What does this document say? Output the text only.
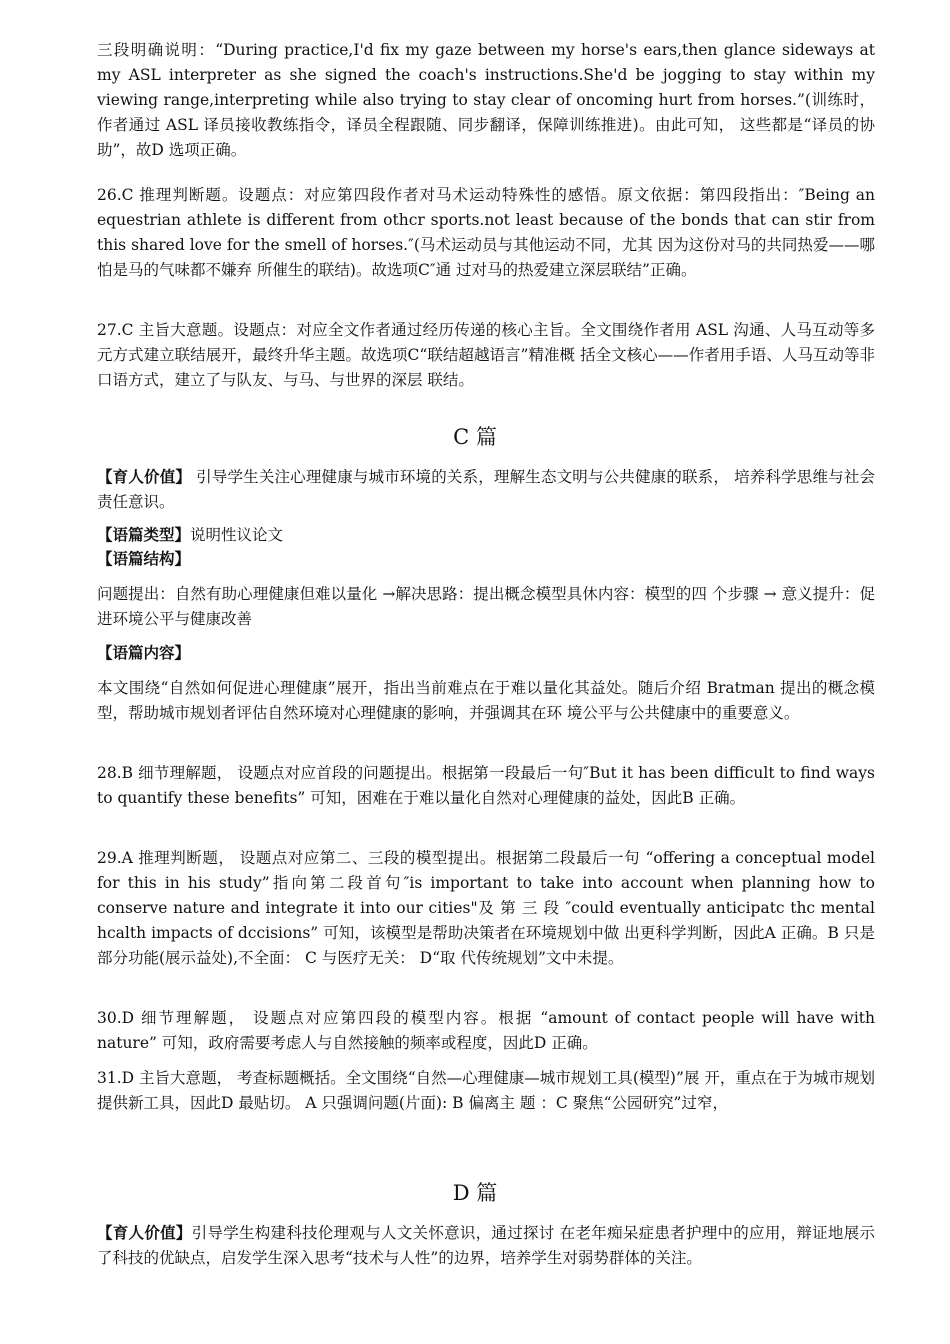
三段明确说明：“During practice,I'd fix my gaze between my horse's ears,then glance sideways at my ASL interpreter as she signed the coach's instructions.She'd be jogging to stay within my viewing range,interpreting while also trying to stay clear of oncoming hurt from horses.”(训练时， 作者通过 ASL 译员接收教练指令，译员全程跟随、同步翻译，保障训练推进)。由此可知， 这些都是“译员的协助”，故D 选项正确。

26.C 推理判断题。设题点：对应第四段作者对马术运动特殊性的感悟。原文依据：第四段指出：″Being an equestrian athlete is different from othcr sports.not least because of the bonds that can stir from this shared love for the smell of horses.″(马术运动员与其他运动不同，尤其 因为这份对马的共同热爱——哪怕是马的气味都不嫌弃 所催生的联结)。故选项C″通 过对马的热爱建立深层联结”正确。

27.C 主旨大意题。设题点：对应全文作者通过经历传递的核心主旨。全文围绕作者用 ASL 沟通、人马互动等多元方式建立联结展开，最终升华主题。故选项C“联结超越语言”精准概 括全文核心——作者用手语、人马互动等非口语方式，建立了与队友、与马、与世界的深层 联结。

C 篇

【育人价值】 引导学生关注心理健康与城市环境的关系，理解生态文明与公共健康的联系， 培养科学思维与社会责任意识。

【语篇类型】说明性议论文

【语篇结构】

问题提出：自然有助心理健康但难以量化 →解决思路：提出概念模型具休内容：模型的四 个步骤 → 意义提升：促进环境公平与健康改善

【语篇内容】

本文围绕“自然如何促进心理健康”展开，指出当前难点在于难以量化其益处。随后介绍 Bratman 提出的概念模型，帮助城市规划者评估自然环境对心理健康的影响，并强调其在环 境公平与公共健康中的重要意义。

28.B 细节理解题， 设题点对应首段的问题提出。根据第一段最后一句″But it has been difficult to find ways to quantify these benefits” 可知，困难在于难以量化自然对心理健康的益处，因此B 正确。

29.A 推理判断题， 设题点对应第二、三段的模型提出。根据第二段最后一句 “offering a conceptual model for this in his study”指向第二段首句″is important to take into account when planning how to conserve nature and integrate it into our cities"及 第 三 段 ″could eventually anticipatc thc mental hcalth impacts of dccisions” 可知，该模型是帮助决策者在环境规划中做 出更科学判断，因此A 正确。B 只是部分功能(展示益处),不全面： C 与医疗无关： D“取 代传统规划”文中未提。

30.D 细节理解题， 设题点对应第四段的模型内容。根据 “amount of contact people will have with nature” 可知，政府需要考虑人与自然接触的频率或程度，因此D 正确。

31.D 主旨大意题， 考查标题概括。全文围绕“自然—心理健康—城市规划工具(模型)”展 开，重点在于为城市规划提供新工具，因此D 最贴切。 A 只强调问题(片面): B 偏离主 题 ：C 聚焦“公园研究”过窄，

D 篇

【育人价值】引导学生构建科技伦理观与人文关怀意识，通过探讨 在老年痴呆症患者护理中的应用，辩证地展示了科技的优缺点，启发学生深入思考“技术与人性”的边界，培养学生对弱势群体的关注。
